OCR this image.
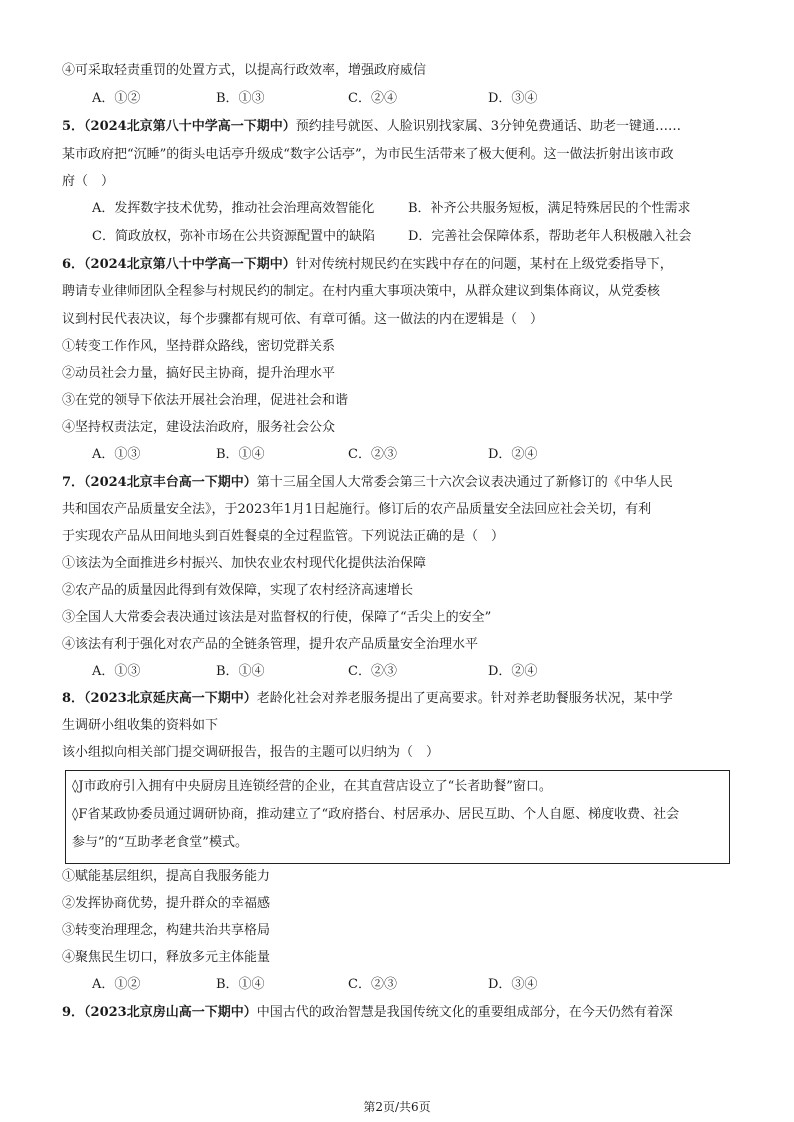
④可采取轻责重罚的处置方式，以提高行政效率，增强政府威信
A．①②	B．①③	C．②④	D．③④
5．（2024北京第八十中学高一下期中）预约挂号就医、人脸识别找家属、3分钟免费通话、助老一键通……
某市政府把“沉睡”的街头电话亭升级成“数字公话亭”，为市民生活带来了极大便利。这一做法折射出该市政
府（　）
A．发挥数字技术优势，推动社会治理高效智能化	B．补齐公共服务短板，满足特殊居民的个性需求
C．简政放权，弥补市场在公共资源配置中的缺陷	D．完善社会保障体系，帮助老年人积极融入社会
6．（2024北京第八十中学高一下期中）针对传统村规民约在实践中存在的问题，某村在上级党委指导下，
聘请专业律师团队全程参与村规民约的制定。在村内重大事项决策中，从群众建议到集体商议，从党委核
议到村民代表决议，每个步骤都有规可依、有章可循。这一做法的内在逻辑是（　）
①转变工作作风，坚持群众路线，密切党群关系
②动员社会力量，搞好民主协商，提升治理水平
③在党的领导下依法开展社会治理，促进社会和谐
④坚持权责法定，建设法治政府，服务社会公众
A．①③	B．①④	C．②③	D．②④
7．（2024北京丰台高一下期中）第十三届全国人大常委会第三十六次会议表决通过了新修订的《中华人民
共和国农产品质量安全法》，于2023年1月1日起施行。修订后的农产品质量安全法回应社会关切，有利
于实现农产品从田间地头到百姓餐桌的全过程监管。下列说法正确的是（　）
①该法为全面推进乡村振兴、加快农业农村现代化提供法治保障
②农产品的质量因此得到有效保障，实现了农村经济高速增长
③全国人大常委会表决通过该法是对监督权的行使，保障了“舌尖上的安全”
④该法有利于强化对农产品的全链条管理，提升农产品质量安全治理水平
A．①③	B．①④	C．②③	D．②④
8．（2023北京延庆高一下期中）老龄化社会对养老服务提出了更高要求。针对养老助餐服务状况，某中学
生调研小组收集的资料如下
该小组拟向相关部门提交调研报告，报告的主题可以归纳为（　）
◊J市政府引入拥有中央厨房且连锁经营的企业，在其直营店设立了“长者助餐”窗口。
◊F省某政协委员通过调研协商，推动建立了“政府搭台、村居承办、居民互助、个人自愿、梯度收费、社会
参与”的“互助孝老食堂”模式。
①赋能基层组织，提高自我服务能力
②发挥协商优势，提升群众的幸福感
③转变治理理念，构建共治共享格局
④聚焦民生切口，释放多元主体能量
A．①②	B．①④	C．②③	D．③④
9．（2023北京房山高一下期中）中国古代的政治智慧是我国传统文化的重要组成部分，在今天仍然有着深
第2页/共6页
